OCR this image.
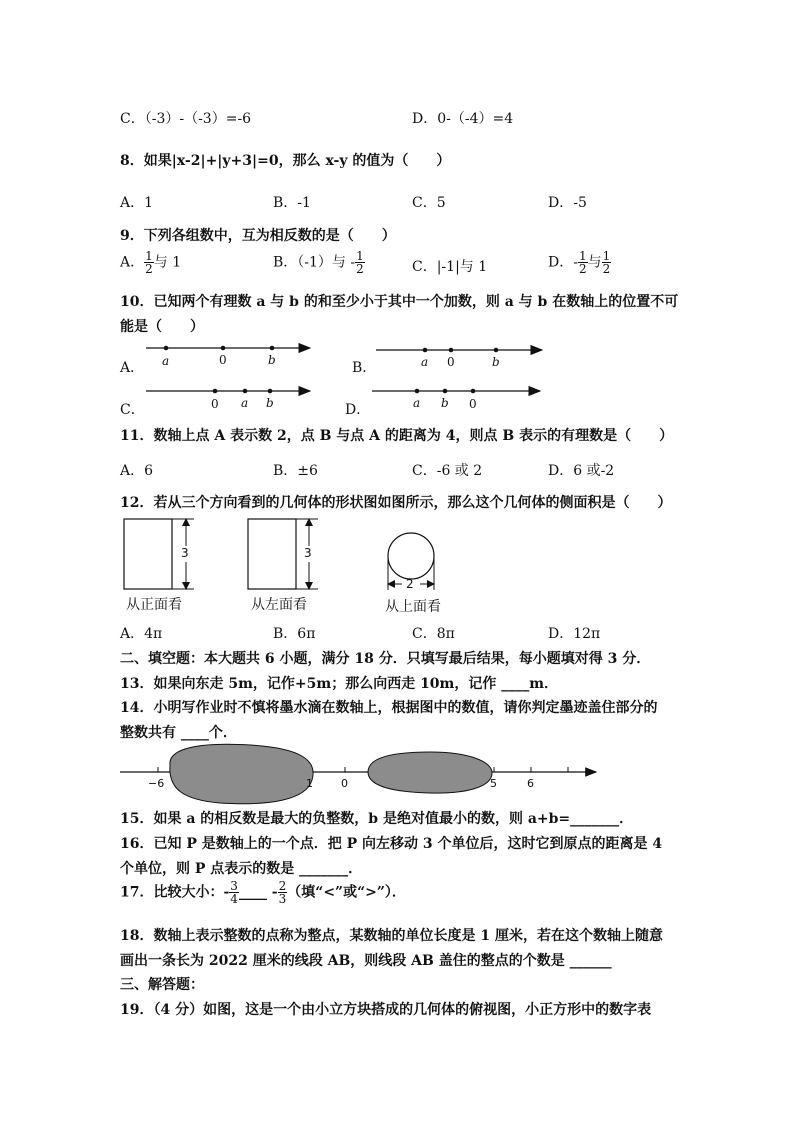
C．（-3）-（-3）=-6	D．0-（-4）=4
8．如果|x-2|+|y+3|=0，那么 x-y 的值为（　　）
A．1	B．-1	C．5	D．-5
9．下列各组数中，互为相反数的是（　　）
A． $\frac{1}{2}$ 与 1	B．（-1）与 - $\frac{1}{2}$	C．|-1|与 1	D．- $\frac{1}{2}$ 与 $\frac{1}{2}$
10．已知两个有理数 a 与 b 的和至少小于其中一个加数，则 a 与 b 在数轴上的位置不可
能是（　　）
A． a	0	b	B．	a 0	b
C．	0 a b	D．	a b 0
11．数轴上点 A 表示数 2，点 B 与点 A 的距离为 4，则点 B 表示的有理数是（　　）
A．6	B．±6	C．-6 或 2	D．6 或-2
12．若从三个方向看到的几何体的形状图如图所示，那么这个几何体的侧面积是（　　）
3	3
2
从正面看	从左面看	从上面看
A．4π	B．6π	C．8π	D．12π
二、填空题：本大题共 6 小题，满分 18 分．只填写最后结果，每小题填对得 3 分．
13．如果向东走 5m，记作+5m；那么向西走 10m，记作 ____m．
14．小明写作业时不慎将墨水滴在数轴上，根据图中的数值，请你判定墨迹盖住部分的
整数共有 ____个．
−6	1	0	5	6
15．如果 a 的相反数是最大的负整数，b 是绝对值最小的数，则 a+b=_______．
16．已知 P 是数轴上的一个点．把 P 向左移动 3 个单位后，这时它到原点的距离是 4
个单位，则 P 点表示的数是 _______．
17．比较大小：- $\frac{3}{4}$ ____ - $\frac{2}{3}$ （填“<”或“>”）．
18．数轴上表示整数的点称为整点，某数轴的单位长度是 1 厘米，若在这个数轴上随意
画出一条长为 2022 厘米的线段 AB，则线段 AB 盖住的整点的个数是 ______
三、解答题：
19．（4 分）如图，这是一个由小立方块搭成的几何体的俯视图，小正方形中的数字表
